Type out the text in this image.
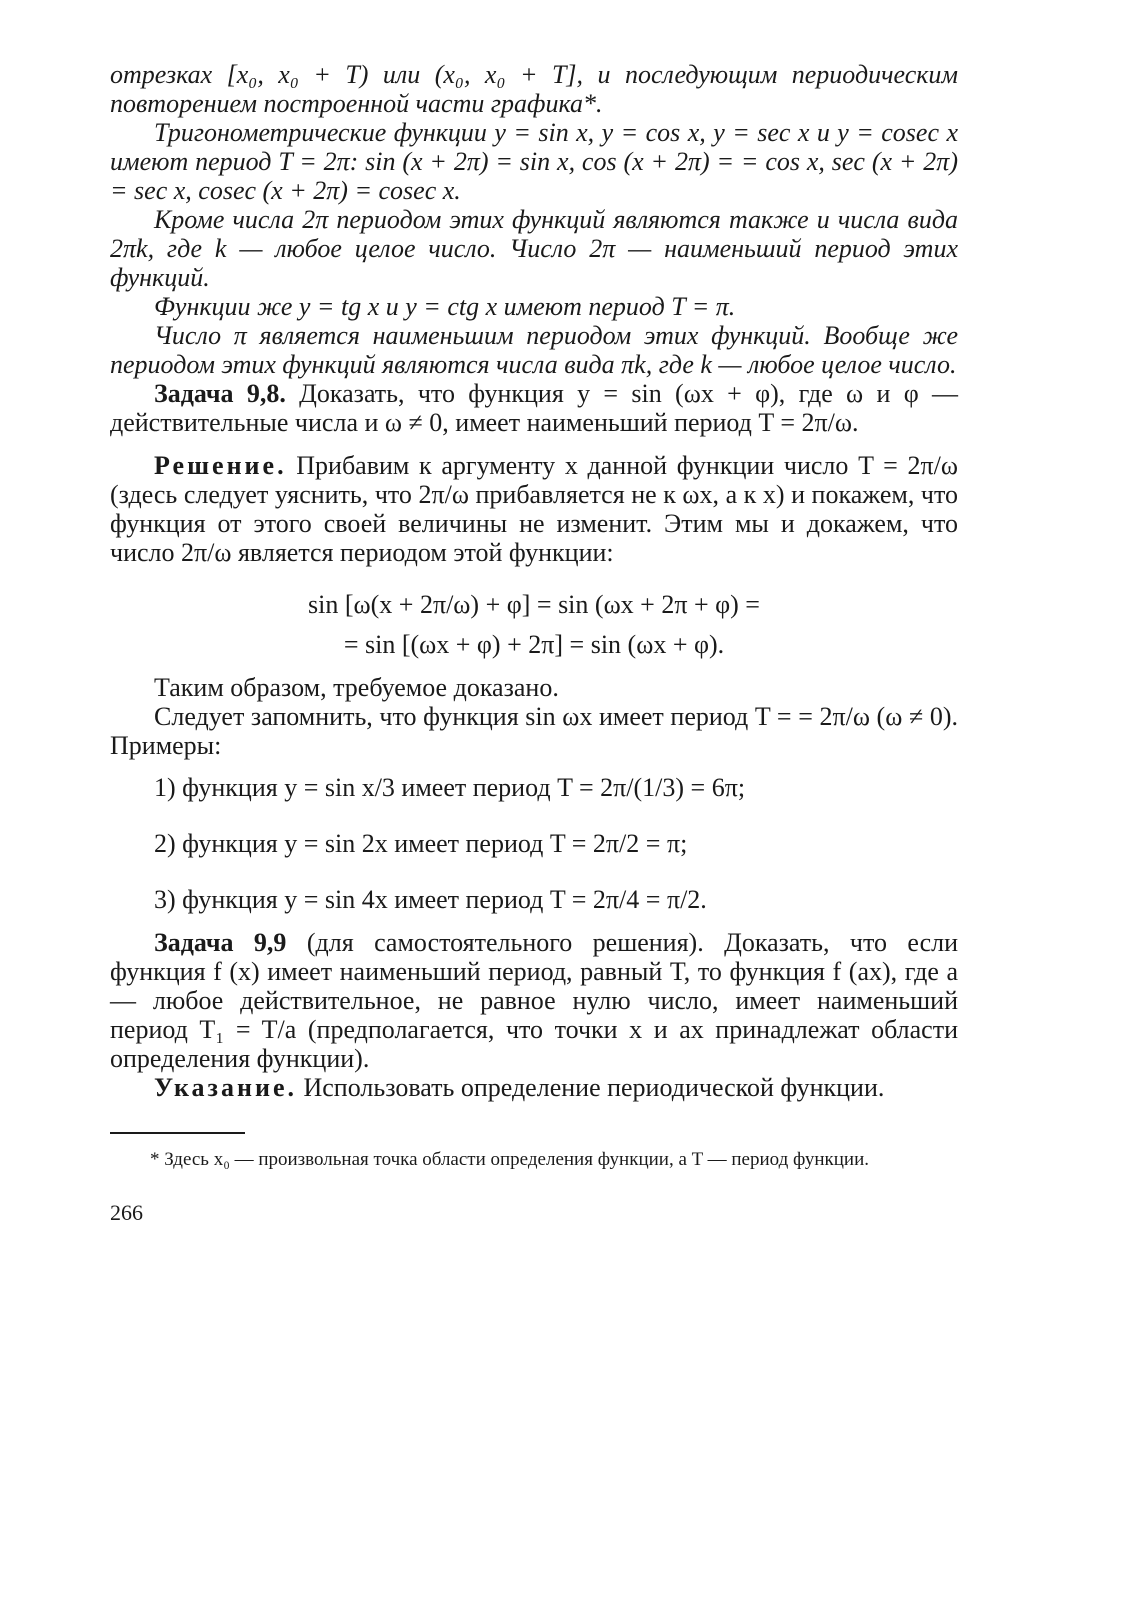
отрезках [x₀, x₀ + T) или (x₀, x₀ + T], и последующим периодическим повторением построенной части графика*.

Тригонометрические функции y = sin x, y = cos x, y = sec x и y = cosec x имеют период T = 2π: sin (x + 2π) = sin x, cos (x + 2π) = = cos x, sec (x + 2π) = sec x, cosec (x + 2π) = cosec x.

Кроме числа 2π периодом этих функций являются также и числа вида 2πk, где k — любое целое число. Число 2π — наименьший период этих функций.

Функции же y = tg x и y = ctg x имеют период T = π.

Число π является наименьшим периодом этих функций. Вообще же периодом этих функций являются числа вида πk, где k — любое целое число.

Задача 9,8. Доказать, что функция y = sin (ωx + φ), где ω и φ — действительные числа и ω ≠ 0, имеет наименьший период T = 2π/ω.

Решение. Прибавим к аргументу x данной функции число T = 2π/ω (здесь следует уяснить, что 2π/ω прибавляется не к ωx, а к x) и покажем, что функция от этого своей величины не изменит. Этим мы и докажем, что число 2π/ω является периодом этой функции:

sin [ω(x + 2π/ω) + φ] = sin (ωx + 2π + φ) =
= sin [(ωx + φ) + 2π] = sin (ωx + φ).

Таким образом, требуемое доказано.

Следует запомнить, что функция sin ωx имеет период T = = 2π/ω (ω ≠ 0). Примеры:

1) функция y = sin x/3 имеет период T = 2π/(1/3) = 6π;
2) функция y = sin 2x имеет период T = 2π/2 = π;
3) функция y = sin 4x имеет период T = 2π/4 = π/2.

Задача 9,9 (для самостоятельного решения). Доказать, что если функция f (x) имеет наименьший период, равный T, то функция f (ax), где a — любое действительное, не равное нулю число, имеет наименьший период T₁ = T/a (предполагается, что точки x и ax принадлежат области определения функции).

Указание. Использовать определение периодической функции.

* Здесь x₀ — произвольная точка области определения функции, а T — период функции.

266
